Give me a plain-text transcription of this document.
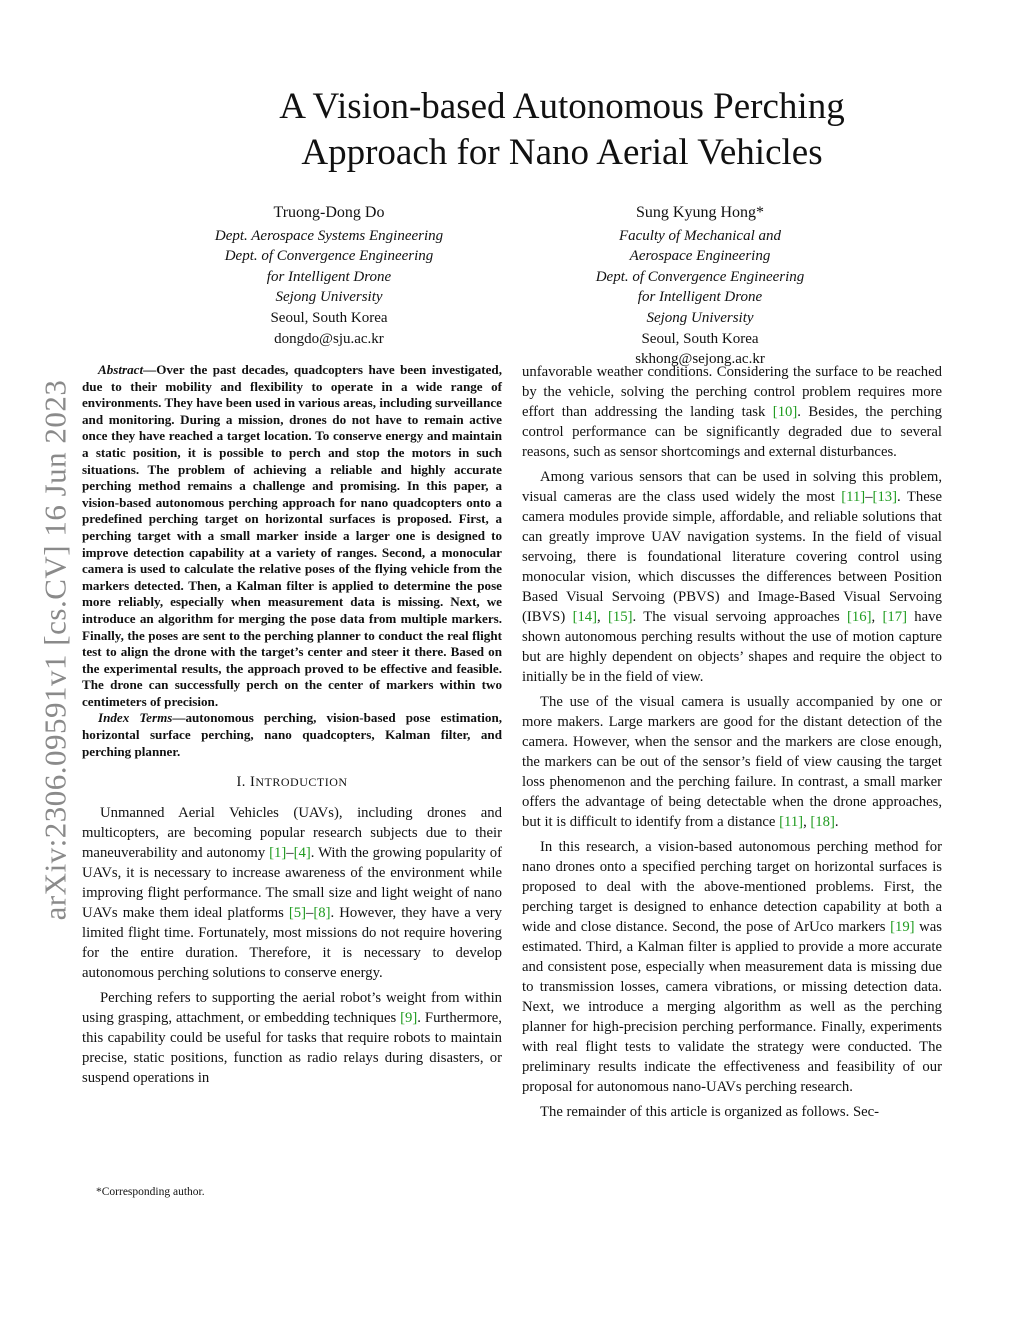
arXiv:2306.09591v1 [cs.CV] 16 Jun 2023
A Vision-based Autonomous Perching
Approach for Nano Aerial Vehicles
Truong-Dong Do
Dept. Aerospace Systems Engineering
Dept. of Convergence Engineering
for Intelligent Drone
Sejong University
Seoul, South Korea
dongdo@sju.ac.kr
Sung Kyung Hong*
Faculty of Mechanical and
Aerospace Engineering
Dept. of Convergence Engineering
for Intelligent Drone
Sejong University
Seoul, South Korea
skhong@sejong.ac.kr

Abstract—Over the past decades, quadcopters have been investigated, due to their mobility and flexibility to operate in a wide range of environments. They have been used in various areas, including surveillance and monitoring. During a mission, drones do not have to remain active once they have reached a target location. To conserve energy and maintain a static position, it is possible to perch and stop the motors in such situations. The problem of achieving a reliable and highly accurate perching method remains a challenge and promising. In this paper, a vision-based autonomous perching approach for nano quadcopters onto a predefined perching target on horizontal surfaces is proposed. First, a perching target with a small marker inside a larger one is designed to improve detection capability at a variety of ranges. Second, a monocular camera is used to calculate the relative poses of the flying vehicle from the markers detected. Then, a Kalman filter is applied to determine the pose more reliably, especially when measurement data is missing. Next, we introduce an algorithm for merging the pose data from multiple markers. Finally, the poses are sent to the perching planner to conduct the real flight test to align the drone with the target’s center and steer it there. Based on the experimental results, the approach proved to be effective and feasible. The drone can successfully perch on the center of markers within two centimeters of precision.

Index Terms—autonomous perching, vision-based pose estimation, horizontal surface perching, nano quadcopters, Kalman filter, and perching planner.

I. INTRODUCTION

Unmanned Aerial Vehicles (UAVs), including drones and multicopters, are becoming popular research subjects due to their maneuverability and autonomy [1]–[4]. With the growing popularity of UAVs, it is necessary to increase awareness of the environment while improving flight performance. The small size and light weight of nano UAVs make them ideal platforms [5]–[8]. However, they have a very limited flight time. Fortunately, most missions do not require hovering for the entire duration. Therefore, it is necessary to develop autonomous perching solutions to conserve energy.

Perching refers to supporting the aerial robot’s weight from within using grasping, attachment, or embedding techniques [9]. Furthermore, this capability could be useful for tasks that require robots to maintain precise, static positions, function as radio relays during disasters, or suspend operations in

*Corresponding author.

unfavorable weather conditions. Considering the surface to be reached by the vehicle, solving the perching control problem requires more effort than addressing the landing task [10]. Besides, the perching control performance can be significantly degraded due to several reasons, such as sensor shortcomings and external disturbances.

Among various sensors that can be used in solving this problem, visual cameras are the class used widely the most [11]–[13]. These camera modules provide simple, affordable, and reliable solutions that can greatly improve UAV navigation systems. In the field of visual servoing, there is foundational literature covering control using monocular vision, which discusses the differences between Position Based Visual Servoing (PBVS) and Image-Based Visual Servoing (IBVS) [14], [15]. The visual servoing approaches [16], [17] have shown autonomous perching results without the use of motion capture but are highly dependent on objects’ shapes and require the object to initially be in the field of view.

The use of the visual camera is usually accompanied by one or more makers. Large markers are good for the distant detection of the camera. However, when the sensor and the markers are close enough, the markers can be out of the sensor’s field of view causing the target loss phenomenon and the perching failure. In contrast, a small marker offers the advantage of being detectable when the drone approaches, but it is difficult to identify from a distance [11], [18].

In this research, a vision-based autonomous perching method for nano drones onto a specified perching target on horizontal surfaces is proposed to deal with the above-mentioned problems. First, the perching target is designed to enhance detection capability at both a wide and close distance. Second, the pose of ArUco markers [19] was estimated. Third, a Kalman filter is applied to provide a more accurate and consistent pose, especially when measurement data is missing due to transmission losses, camera vibrations, or missing detection data. Next, we introduce a merging algorithm as well as the perching planner for high-precision perching performance. Finally, experiments with real flight tests to validate the strategy were conducted. The preliminary results indicate the effectiveness and feasibility of our proposal for autonomous nano-UAVs perching research.

The remainder of this article is organized as follows. Sec-
